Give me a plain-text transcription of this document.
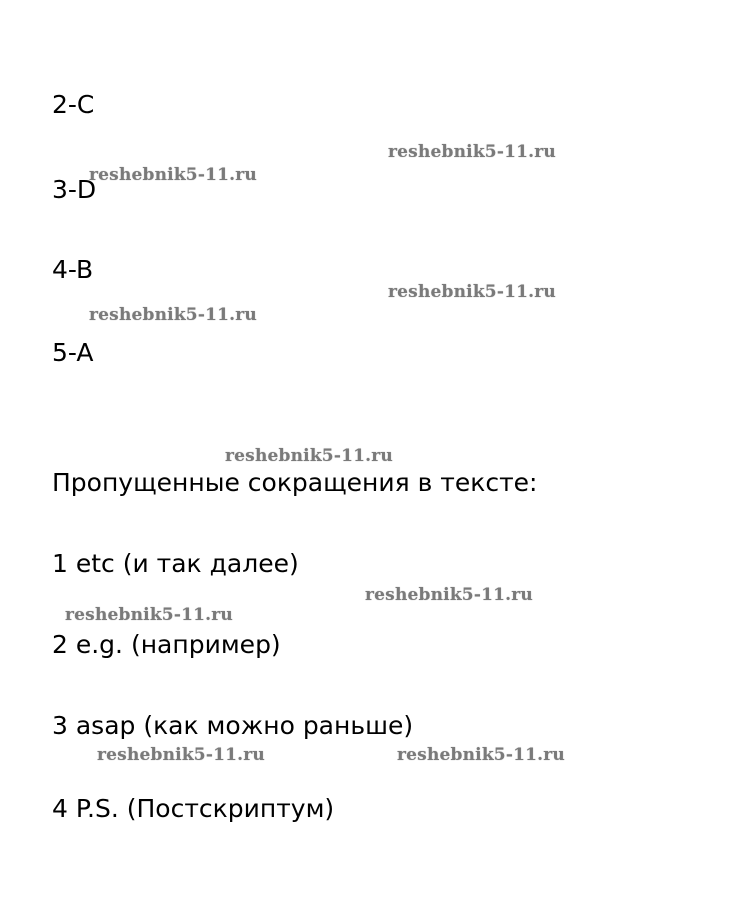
2-C
3-D
4-B
5-A
Пропущенные сокращения в тексте:
1 etc (и так далее)
2 e.g. (например)
3 asap (как можно раньше)
4 P.S. (Постскриптум)
reshebnik5-11.ru
reshebnik5-11.ru
reshebnik5-11.ru
reshebnik5-11.ru
reshebnik5-11.ru
reshebnik5-11.ru
reshebnik5-11.ru
reshebnik5-11.ru	reshebnik5-11.ru
